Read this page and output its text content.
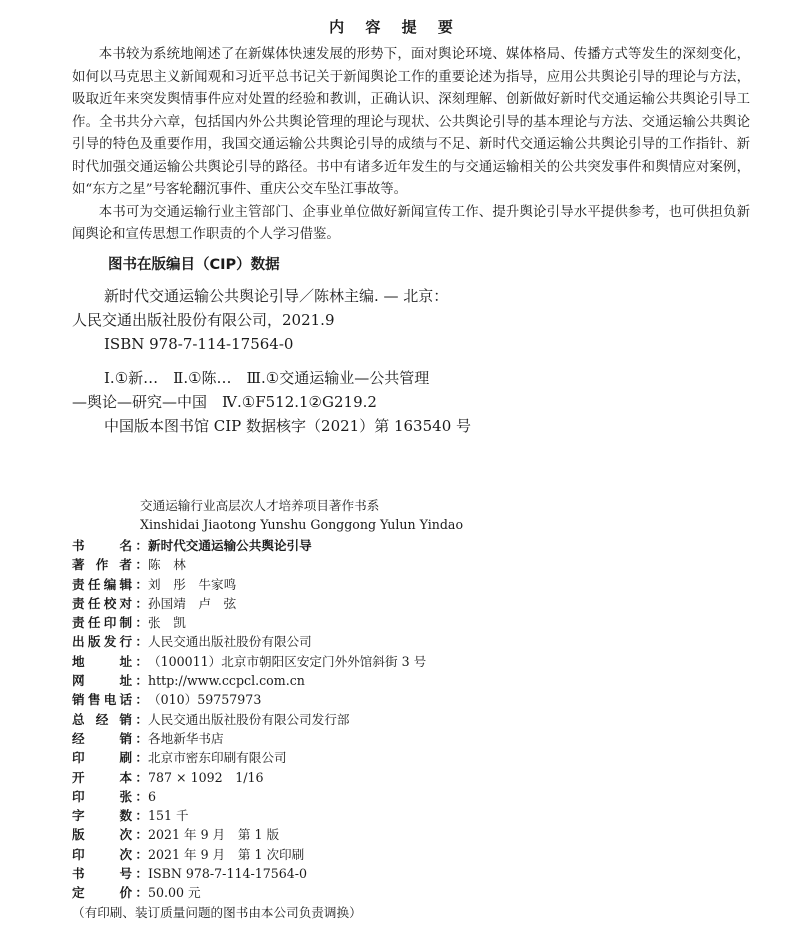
内 容 提 要

本书较为系统地阐述了在新媒体快速发展的形势下，面对舆论环境、媒体格局、传播方式等发生的深刻变化，如何以马克思主义新闻观和习近平总书记关于新闻舆论工作的重要论述为指导，应用公共舆论引导的理论与方法，吸取近年来突发舆情事件应对处置的经验和教训，正确认识、深刻理解、创新做好新时代交通运输公共舆论引导工作。全书共分六章，包括国内外公共舆论管理的理论与现状、公共舆论引导的基本理论与方法、交通运输公共舆论引导的特色及重要作用，我国交通运输公共舆论引导的成绩与不足、新时代交通运输公共舆论引导的工作指针、新时代加强交通运输公共舆论引导的路径。书中有诸多近年发生的与交通运输相关的公共突发事件和舆情应对案例，如“东方之星”号客轮翻沉事件、重庆公交车坠江事故等。

本书可为交通运输行业主管部门、企事业单位做好新闻宣传工作、提升舆论引导水平提供参考，也可供担负新闻舆论和宣传思想工作职责的个人学习借鉴。

图书在版编目（CIP）数据
新时代交通运输公共舆论引导／陈林主编. — 北京：
人民交通出版社股份有限公司，2021.9
ISBN 978-7-114-17564-0
Ⅰ.①新…　Ⅱ.①陈…　Ⅲ.①交通运输业—公共管理
—舆论—研究—中国　Ⅳ.①F512.1②G219.2
中国版本图书馆 CIP 数据核字（2021）第 163540 号
交通运输行业高层次人才培养项目著作书系
Xinshidai Jiaotong Yunshu Gonggong Yulun Yindao
书　　名： 新时代交通运输公共舆论引导
著 作 者： 陈　林
责任编辑： 刘　彤　牛家鸣
责任校对： 孙国靖　卢　弦
责任印制： 张　凯
出版发行： 人民交通出版社股份有限公司
地　　址： （100011）北京市朝阳区安定门外外馆斜街 3 号
网　　址： http://www.ccpcl.com.cn
销售电话： （010）59757973
总 经 销： 人民交通出版社股份有限公司发行部
经　　销： 各地新华书店
印　　刷： 北京市密东印刷有限公司
开　　本： 787 × 1092　1/16
印　　张： 6
字　　数： 151 千
版　　次： 2021 年 9 月　第 1 版
印　　次： 2021 年 9 月　第 1 次印刷
书　　号： ISBN 978-7-114-17564-0
定　　价： 50.00 元
（有印刷、装订质量问题的图书由本公司负责调换）
